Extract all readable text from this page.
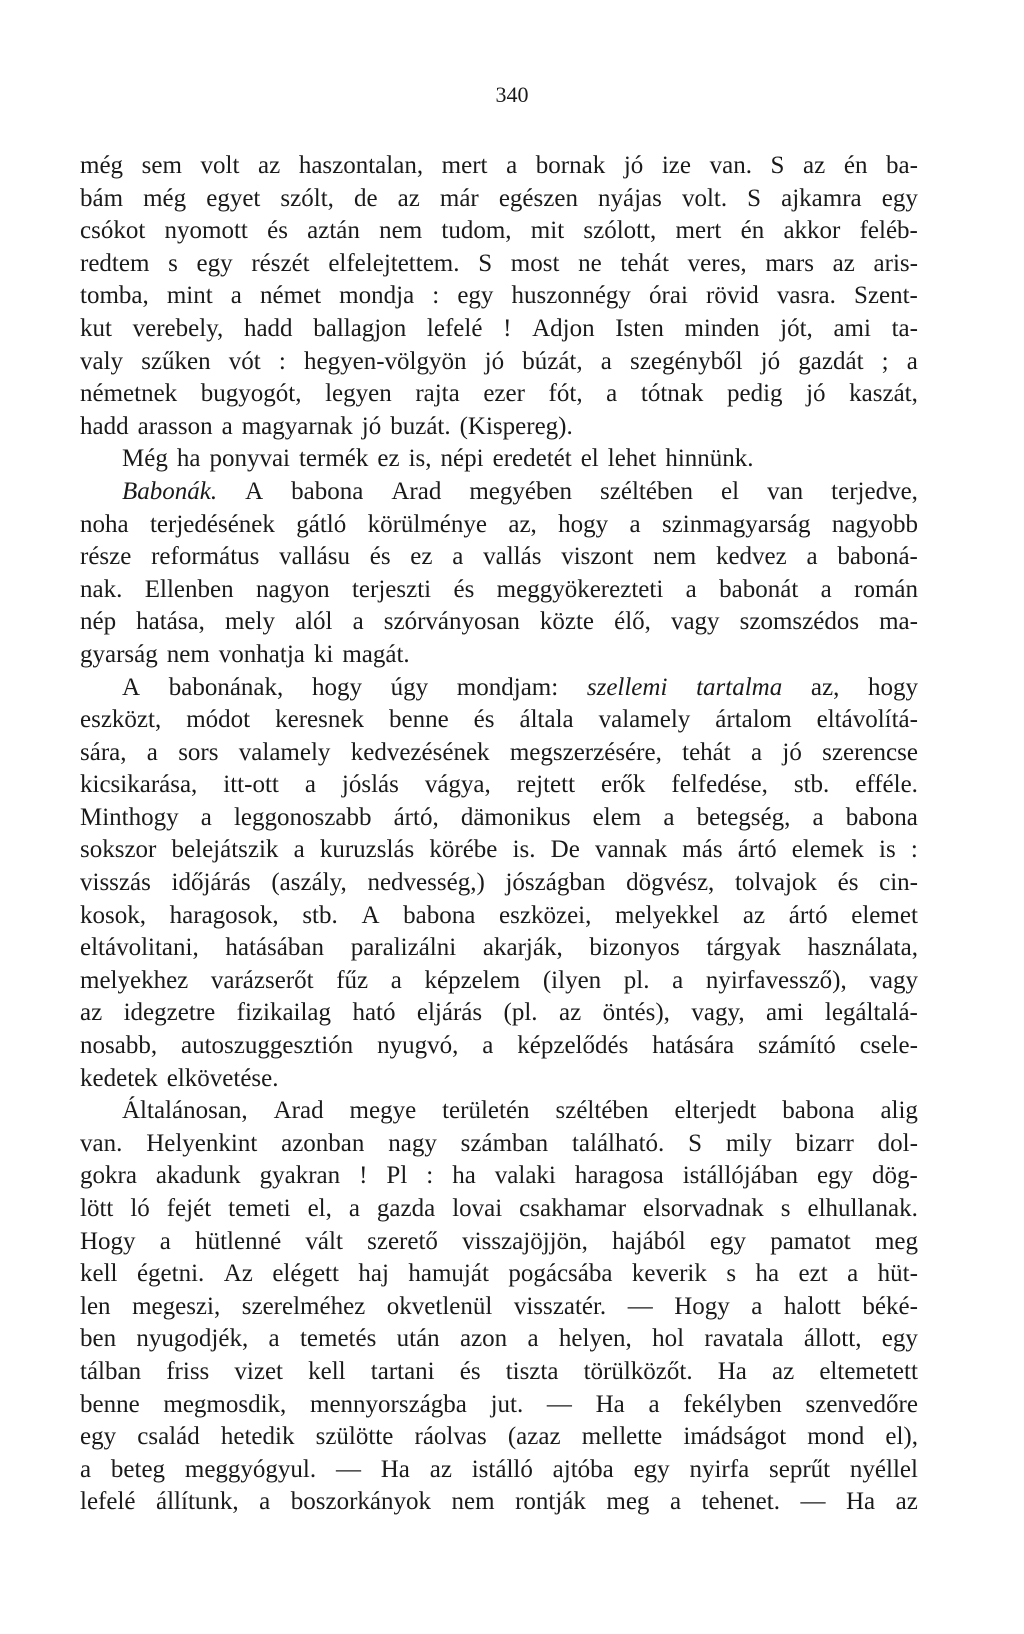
340
még sem volt az haszontalan, mert a bornak jó ize van. S az én ba-
bám még egyet szólt, de az már egészen nyájas volt. S ajkamra egy
csókot nyomott és aztán nem tudom, mit szólott, mert én akkor feléb-
redtem s egy részét elfelejtettem. S most ne tehát veres, mars az aris-
tomba, mint a német mondja : egy huszonnégy órai rövid vasra. Szent-
kut verebely, hadd ballagjon lefelé ! Adjon Isten minden jót, ami ta-
valy szűken vót : hegyen-völgyön jó búzát, a szegényből jó gazdát ; a
németnek bugyogót, legyen rajta ezer fót, a tótnak pedig jó kaszát,
hadd arasson a magyarnak jó buzát. (Kispereg).
Még ha ponyvai termék ez is, népi eredetét el lehet hinnünk.
Babonák. A babona Arad megyében széltében el van terjedve,
noha terjedésének gátló körülménye az, hogy a szinmagyarság nagyobb
része református vallásu és ez a vallás viszont nem kedvez a baboná-
nak. Ellenben nagyon terjeszti és meggyökerezteti a babonát a román
nép hatása, mely alól a szórványosan közte élő, vagy szomszédos ma-
gyarság nem vonhatja ki magát.
A babonának, hogy úgy mondjam: szellemi tartalma az, hogy
eszközt, módot keresnek benne és általa valamely ártalom eltávolítá-
sára, a sors valamely kedvezésének megszerzésére, tehát a jó szerencse
kicsikarása, itt-ott a jóslás vágya, rejtett erők felfedése, stb. efféle.
Minthogy a leggonoszabb ártó, dämonikus elem a betegség, a babona
sokszor belejátszik a kuruzslás körébe is. De vannak más ártó elemek is :
visszás időjárás (aszály, nedvesség,) jószágban dögvész, tolvajok és cin-
kosok, haragosok, stb. A babona eszközei, melyekkel az ártó elemet
eltávolitani, hatásában paralizálni akarják, bizonyos tárgyak használata,
melyekhez varázserőt fűz a képzelem (ilyen pl. a nyirfavessző), vagy
az idegzetre fizikailag ható eljárás (pl. az öntés), vagy, ami legáltalá-
nosabb, autoszuggesztión nyugvó, a képzelődés hatására számító csele-
kedetek elkövetése.
Általánosan, Arad megye területén széltében elterjedt babona alig
van. Helyenkint azonban nagy számban található. S mily bizarr dol-
gokra akadunk gyakran ! Pl : ha valaki haragosa istállójában egy dög-
lött ló fejét temeti el, a gazda lovai csakhamar elsorvadnak s elhullanak.
Hogy a hütlenné vált szerető visszajöjjön, hajából egy pamatot meg
kell égetni. Az elégett haj hamuját pogácsába keverik s ha ezt a hüt-
len megeszi, szerelméhez okvetlenül visszatér. — Hogy a halott béké-
ben nyugodjék, a temetés után azon a helyen, hol ravatala állott, egy
tálban friss vizet kell tartani és tiszta törülközőt. Ha az eltemetett
benne megmosdik, mennyországba jut. — Ha a fekélyben szenvedőre
egy család hetedik szülötte ráolvas (azaz mellette imádságot mond el),
a beteg meggyógyul. — Ha az istálló ajtóba egy nyirfa seprűt nyéllel
lefelé állítunk, a boszorkányok nem rontják meg a tehenet. — Ha az
